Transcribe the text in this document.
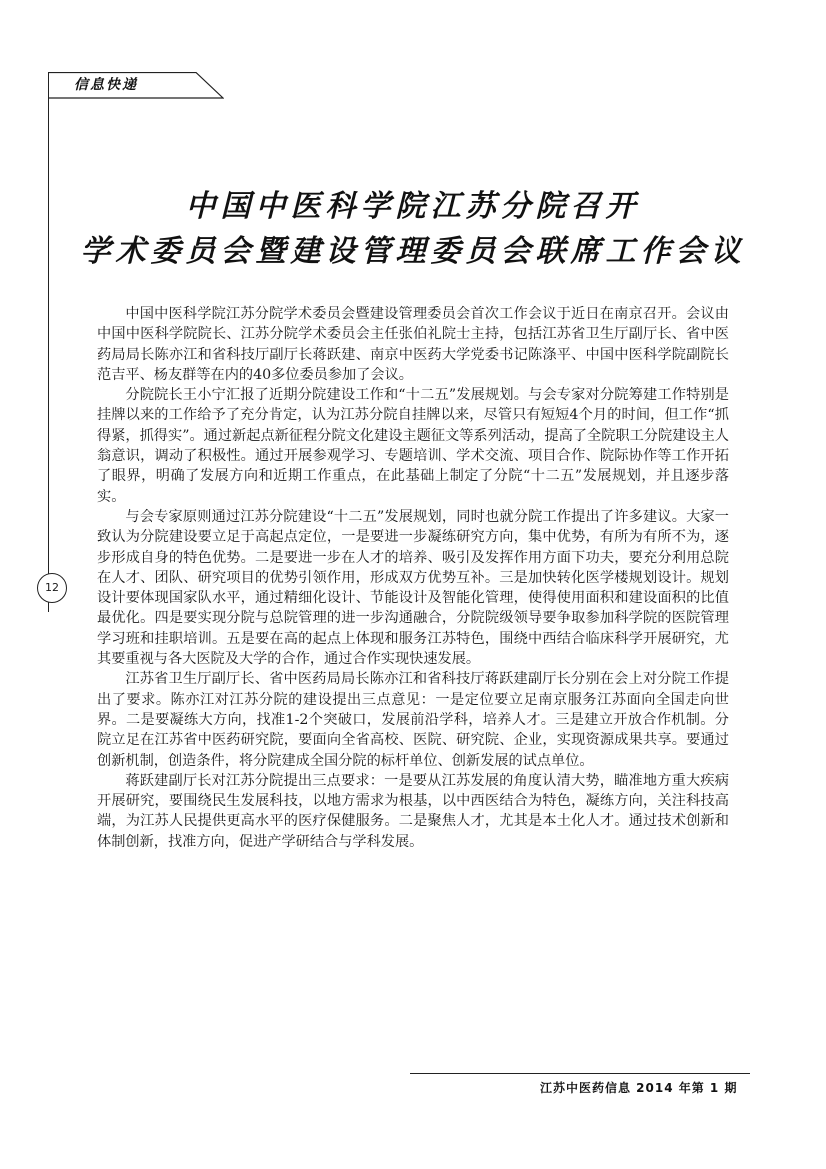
信息快递
12
中国中医科学院江苏分院召开
学术委员会暨建设管理委员会联席工作会议

中国中医科学院江苏分院学术委员会暨建设管理委员会首次工作会议于近日在南京召开。会议由中国中医科学院院长、江苏分院学术委员会主任张伯礼院士主持，包括江苏省卫生厅副厅长、省中医药局局长陈亦江和省科技厅副厅长蒋跃建、南京中医药大学党委书记陈涤平、中国中医科学院副院长范吉平、杨友群等在内的40多位委员参加了会议。

分院院长王小宁汇报了近期分院建设工作和“十二五”发展规划。与会专家对分院筹建工作特别是挂牌以来的工作给予了充分肯定，认为江苏分院自挂牌以来，尽管只有短短4个月的时间，但工作“抓得紧，抓得实”。通过新起点新征程分院文化建设主题征文等系列活动，提高了全院职工分院建设主人翁意识，调动了积极性。通过开展参观学习、专题培训、学术交流、项目合作、院际协作等工作开拓了眼界，明确了发展方向和近期工作重点，在此基础上制定了分院“十二五”发展规划，并且逐步落实。

与会专家原则通过江苏分院建设“十二五”发展规划，同时也就分院工作提出了许多建议。大家一致认为分院建设要立足于高起点定位，一是要进一步凝练研究方向，集中优势，有所为有所不为，逐步形成自身的特色优势。二是要进一步在人才的培养、吸引及发挥作用方面下功夫，要充分利用总院在人才、团队、研究项目的优势引领作用，形成双方优势互补。三是加快转化医学楼规划设计。规划设计要体现国家队水平，通过精细化设计、节能设计及智能化管理，使得使用面积和建设面积的比值最优化。四是要实现分院与总院管理的进一步沟通融合，分院院级领导要争取参加科学院的医院管理学习班和挂职培训。五是要在高的起点上体现和服务江苏特色，围绕中西结合临床科学开展研究，尤其要重视与各大医院及大学的合作，通过合作实现快速发展。

江苏省卫生厅副厅长、省中医药局局长陈亦江和省科技厅蒋跃建副厅长分别在会上对分院工作提出了要求。陈亦江对江苏分院的建设提出三点意见：一是定位要立足南京服务江苏面向全国走向世界。二是要凝练大方向，找准1-2个突破口，发展前沿学科，培养人才。三是建立开放合作机制。分院立足在江苏省中医药研究院，要面向全省高校、医院、研究院、企业，实现资源成果共享。要通过创新机制，创造条件，将分院建成全国分院的标杆单位、创新发展的试点单位。

蒋跃建副厅长对江苏分院提出三点要求：一是要从江苏发展的角度认清大势，瞄准地方重大疾病开展研究，要围绕民生发展科技，以地方需求为根基，以中西医结合为特色，凝练方向，关注科技高端，为江苏人民提供更高水平的医疗保健服务。二是聚焦人才，尤其是本土化人才。通过技术创新和体制创新，找准方向，促进产学研结合与学科发展。

江苏中医药信息 2014 年第 1 期
